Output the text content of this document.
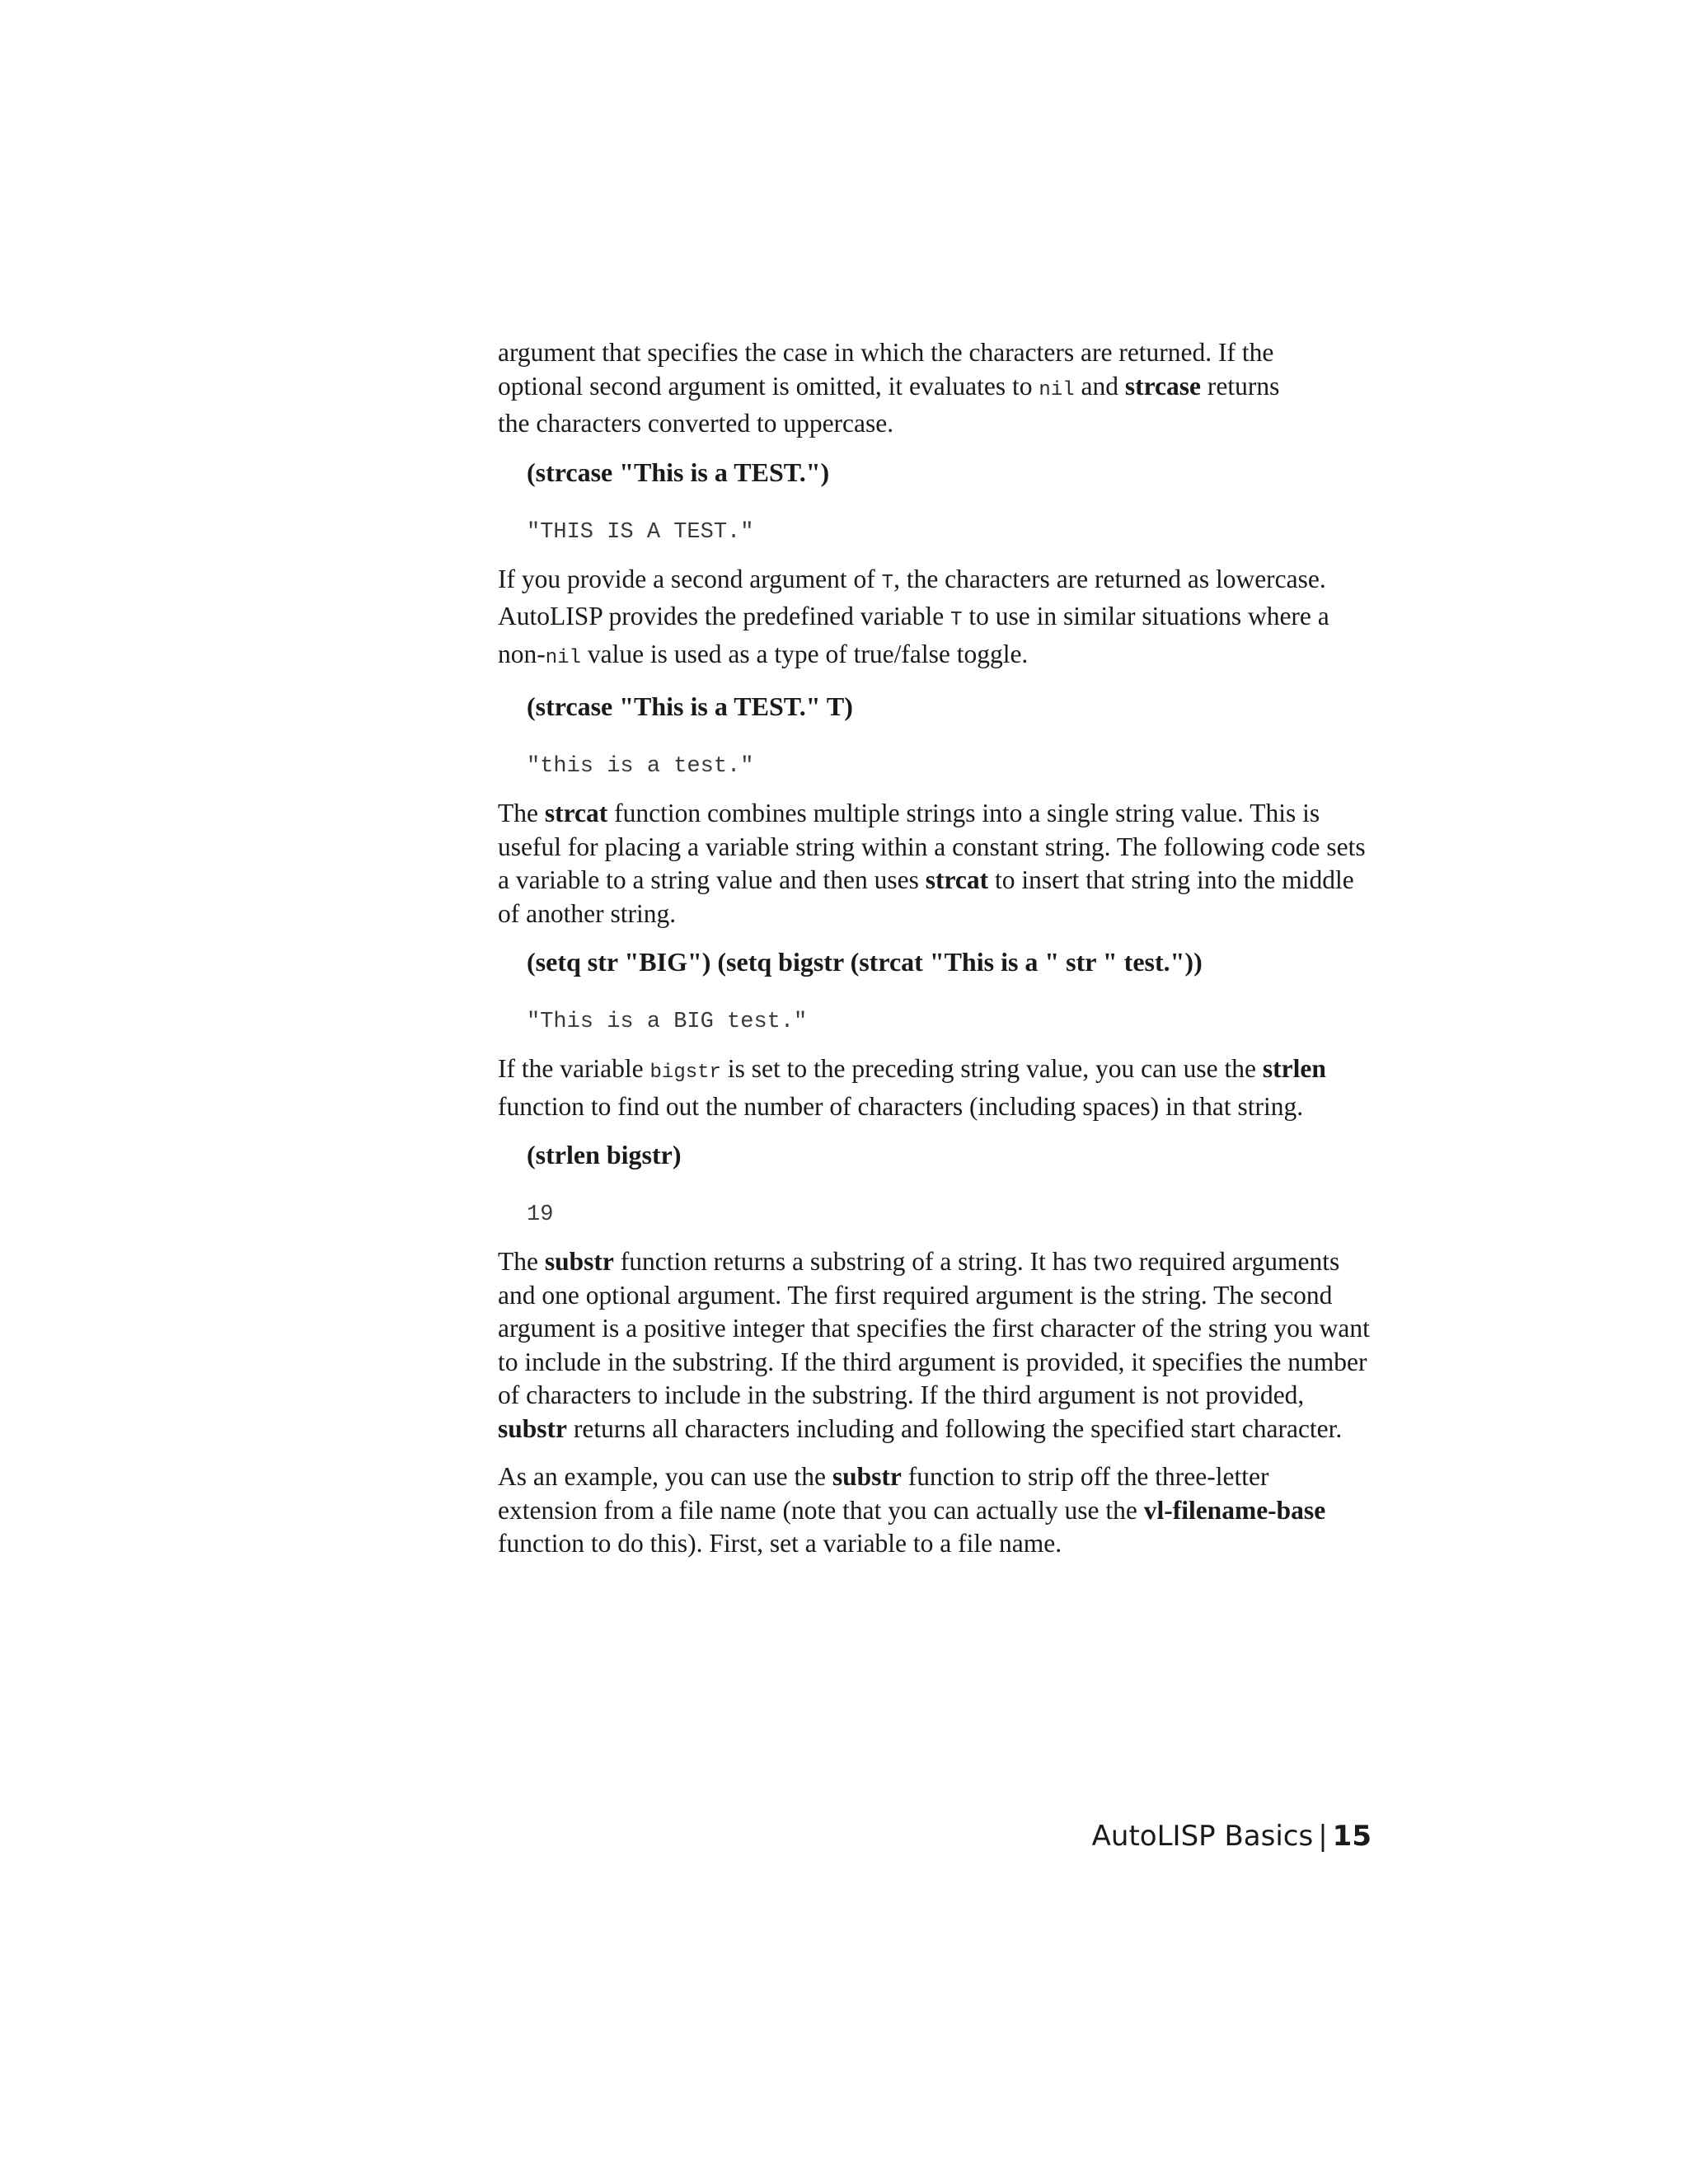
argument that specifies the case in which the characters are returned. If the
optional second argument is omitted, it evaluates to nil and strcase returns
the characters converted to uppercase.

(strcase "This is a TEST.")

"THIS IS A TEST."

If you provide a second argument of T, the characters are returned as lowercase. AutoLISP provides the predefined variable T to use in similar situations where a non-nil value is used as a type of true/false toggle.

(strcase "This is a TEST." T)

"this is a test."

The strcat function combines multiple strings into a single string value. This is useful for placing a variable string within a constant string. The following code sets a variable to a string value and then uses strcat to insert that string into the middle of another string.

(setq str "BIG") (setq bigstr (strcat "This is a " str " test."))

"This is a BIG test."

If the variable bigstr is set to the preceding string value, you can use the strlen function to find out the number of characters (including spaces) in that string.

(strlen bigstr)

19

The substr function returns a substring of a string. It has two required arguments and one optional argument. The first required argument is the string. The second argument is a positive integer that specifies the first character of the string you want to include in the substring. If the third argument is provided, it specifies the number of characters to include in the substring. If the third argument is not provided, substr returns all characters including and following the specified start character.

As an example, you can use the substr function to strip off the three-letter extension from a file name (note that you can actually use the vl-filename-base function to do this). First, set a variable to a file name.

AutoLISP Basics | 15
